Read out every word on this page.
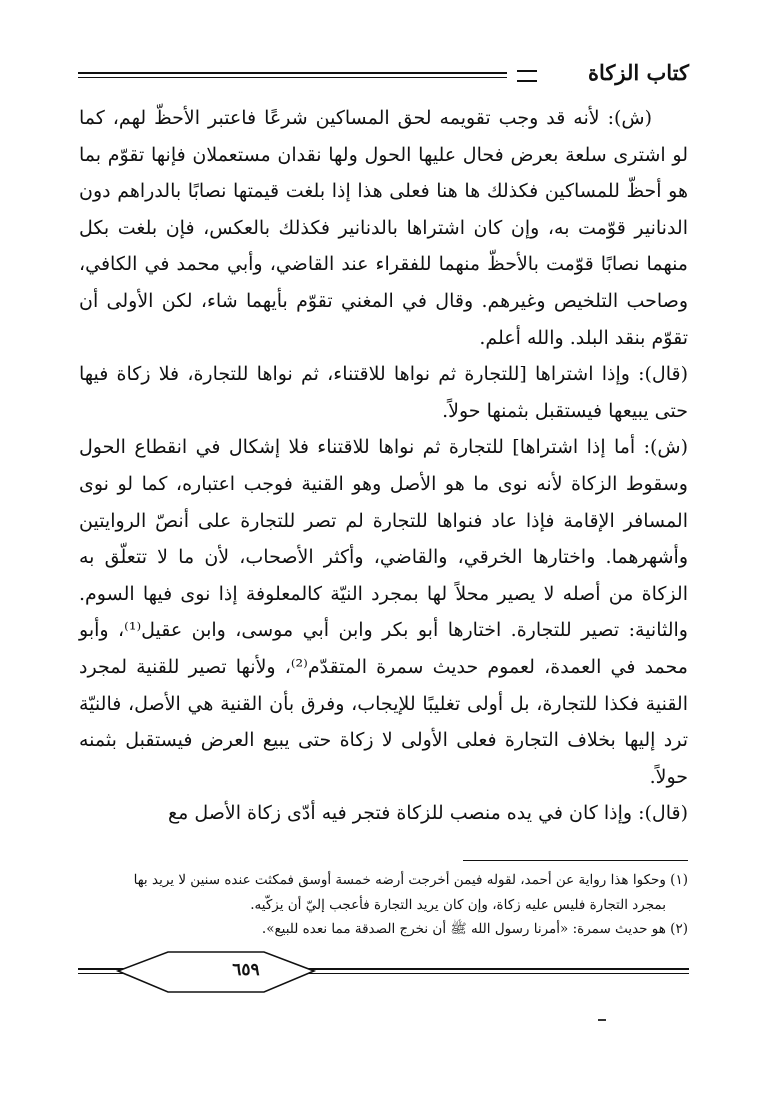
كتاب الزكاة

(ش): لأنه قد وجب تقويمه لحق المساكين شرعًا فاعتبر الأحظّ لهم، كما لو اشترى سلعة بعرض فحال عليها الحول ولها نقدان مستعملان فإنها تقوّم بما هو أحظّ للمساكين فكذلك ها هنا فعلى هذا إذا بلغت قيمتها نصابًا بالدراهم دون الدنانير قوّمت به، وإن كان اشتراها بالدنانير فكذلك بالعكس، فإن بلغت بكل منهما نصابًا قوّمت بالأحظّ منهما للفقراء عند القاضي، وأبي محمد في الكافي، وصاحب التلخيص وغيرهم. وقال في المغني تقوّم بأيهما شاء، لكن الأولى أن تقوّم بنقد البلد. والله أعلم.

(قال): وإذا اشتراها [للتجارة ثم نواها للاقتناء، ثم نواها للتجارة، فلا زكاة فيها حتى يبيعها فيستقبل بثمنها حولاً.

(ش): أما إذا اشتراها] للتجارة ثم نواها للاقتناء فلا إشكال في انقطاع الحول وسقوط الزكاة لأنه نوى ما هو الأصل وهو القنية فوجب اعتباره، كما لو نوى المسافر الإقامة فإذا عاد فنواها للتجارة لم تصر للتجارة على أنصّ الروايتين وأشهرهما. واختارها الخرقي، والقاضي، وأكثر الأصحاب، لأن ما لا تتعلّق به الزكاة من أصله لا يصير محلاً لها بمجرد النيّة كالمعلوفة إذا نوى فيها السوم. والثانية: تصير للتجارة. اختارها أبو بكر وابن أبي موسى، وابن عقيل⁽¹⁾، وأبو محمد في العمدة، لعموم حديث سمرة المتقدّم⁽²⁾، ولأنها تصير للقنية لمجرد القنية فكذا للتجارة، بل أولى تغليبًا للإيجاب، وفرق بأن القنية هي الأصل، فالنيّة ترد إليها بخلاف التجارة فعلى الأولى لا زكاة حتى يبيع العرض فيستقبل بثمنه حولاً.

(قال): وإذا كان في يده منصب للزكاة فتجر فيه أدّى زكاة الأصل مع

(١) وحكوا هذا رواية عن أحمد، لقوله فيمن أخرجت أرضه خمسة أوسق فمكثت عنده سنين لا يريد بها

بمجرد التجارة فليس عليه زكاة، وإن كان يريد التجارة فأعجب إليّ أن يزكّيه.

(٢) هو حديث سمرة: «أمرنا رسول الله ﷺ أن نخرج الصدقة مما نعده للبيع».

٦٥٩
